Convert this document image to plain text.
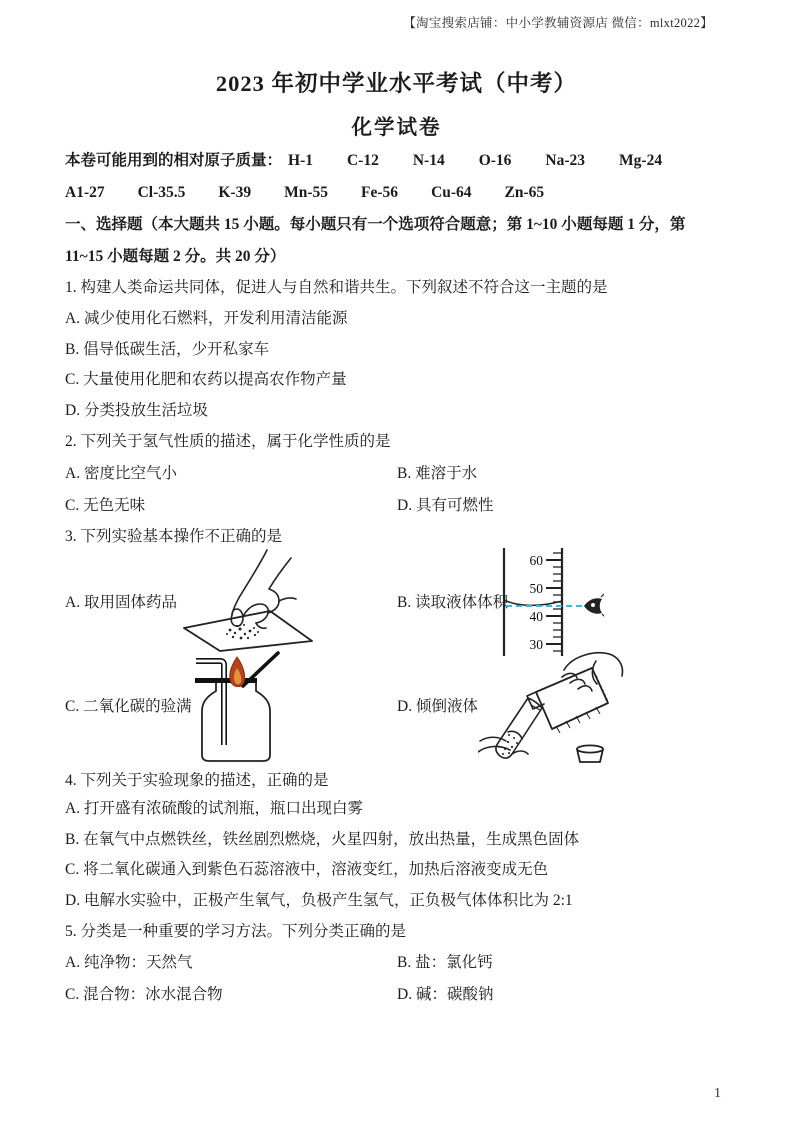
【淘宝搜索店铺：中小学教辅资源店 微信：mlxt2022】
2023 年初中学业水平考试（中考）
化学试卷
本卷可能用到的相对原子质量： H-1 C-12 N-14 O-16 Na-23 Mg-24
A1-27 Cl-35.5 K-39 Mn-55 Fe-56 Cu-64 Zn-65
一、选择题（本大题共 15 小题。每小题只有一个选项符合题意；第 1~10 小题每题 1 分，第
11~15 小题每题 2 分。共 20 分）
1. 构建人类命运共同体，促进人与自然和谐共生。下列叙述不符合这一主题的是
A. 减少使用化石燃料，开发利用清洁能源
B. 倡导低碳生活，少开私家车
C. 大量使用化肥和农药以提高农作物产量
D. 分类投放生活垃圾
2. 下列关于氢气性质的描述，属于化学性质的是
A. 密度比空气小	B. 难溶于水
C. 无色无味	D. 具有可燃性
3. 下列实验基本操作不正确的是
A. 取用固体药品	B. 读取液体体积
C. 二氧化碳的验满	D. 倾倒液体
60
50
40
30
4. 下列关于实验现象的描述，正确的是
A. 打开盛有浓硫酸的试剂瓶，瓶口出现白雾
B. 在氧气中点燃铁丝，铁丝剧烈燃烧，火星四射，放出热量，生成黑色固体
C. 将二氧化碳通入到紫色石蕊溶液中，溶液变红，加热后溶液变成无色
D. 电解水实验中，正极产生氧气，负极产生氢气，正负极气体体积比为 2:1
5. 分类是一种重要的学习方法。下列分类正确的是
A. 纯净物：天然气	B. 盐：氯化钙
C. 混合物：冰水混合物	D. 碱：碳酸钠
1
